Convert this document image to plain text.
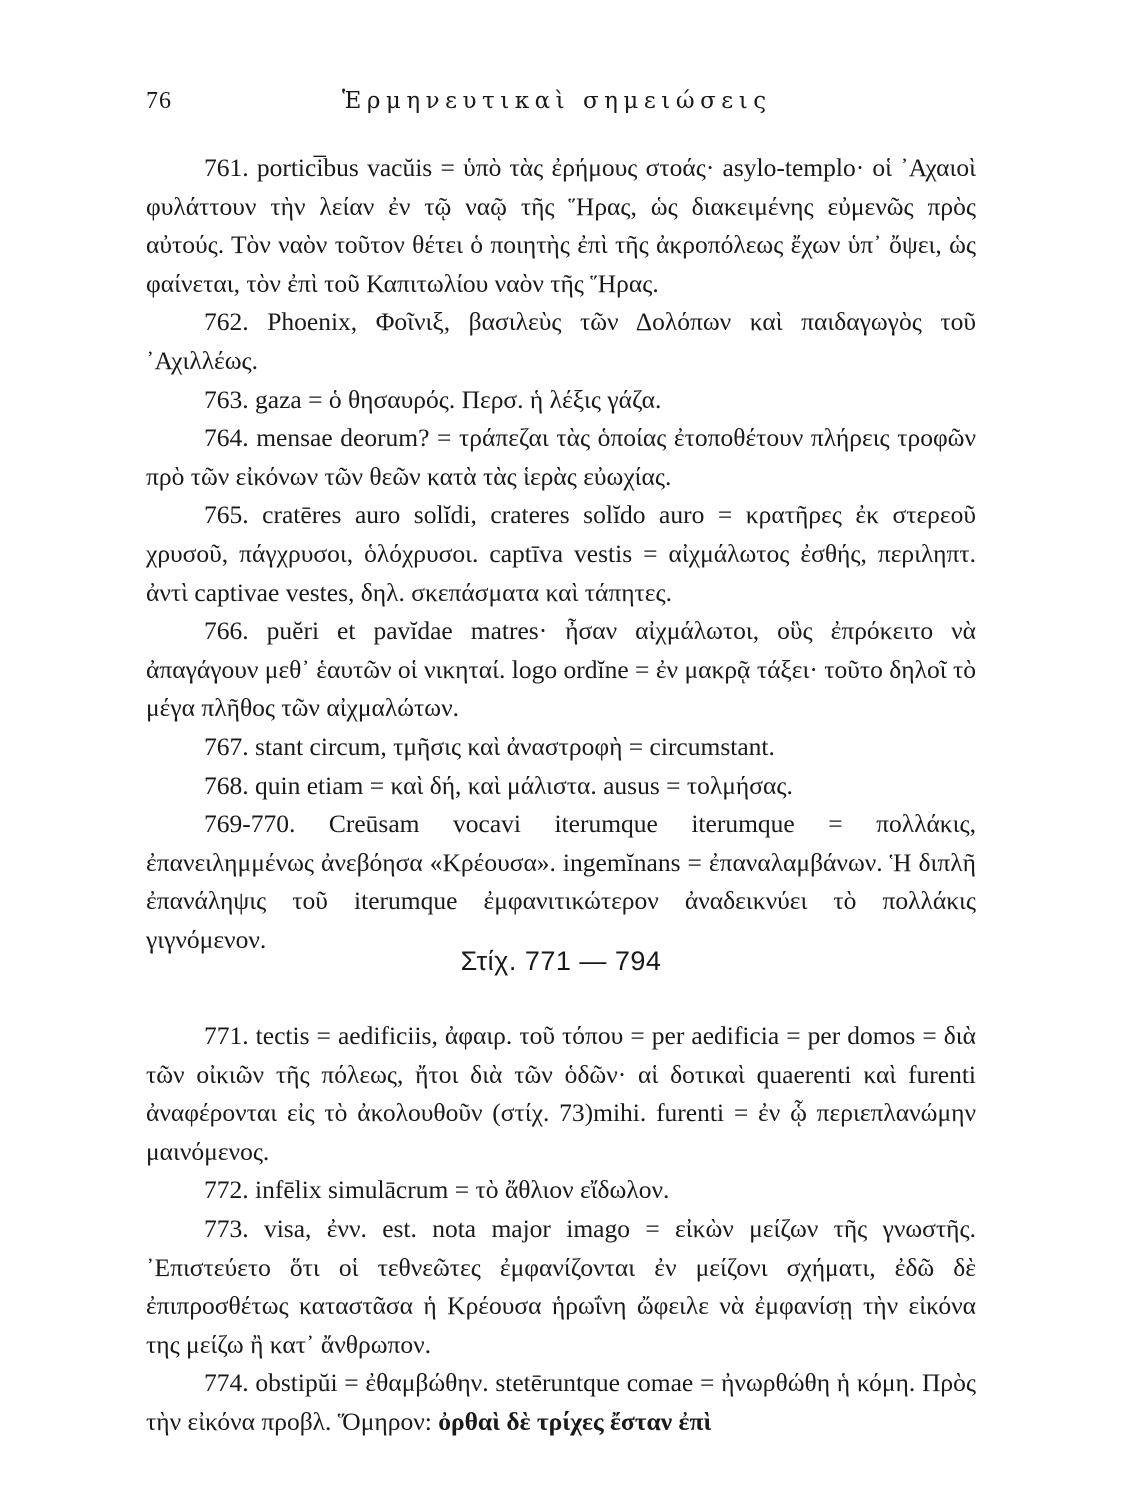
76	Ἑρμηνευτικαὶ σημειώσεις

761. portici̅bus vacŭis = ὑπὸ τὰς ἐρήμους στοάς· asylo-templo· οἱ ᾿Αχαιοὶ φυλάττουν τὴν λείαν ἐν τῷ ναῷ τῆς Ἥρας, ὡς διακειμένης εὐμενῶς πρὸς αὐτούς. Τὸν ναὸν τοῦτον θέτει ὁ ποιητὴς ἐπὶ τῆς ἀκροπόλεως ἔχων ὑπ᾿ ὄψει, ὡς φαίνεται, τὸν ἐπὶ τοῦ Καπιτωλίου ναὸν τῆς Ἥρας.

762. Phoenix, Φοῖνιξ, βασιλεὺς τῶν Δολόπων καὶ παιδαγωγὸς τοῦ ᾿Αχιλλέως.

763. gaza = ὁ θησαυρός. Περσ. ἡ λέξις γάζα.

764. mensae deorum? = τράπεζαι τὰς ὁποίας ἐτοποθέτουν πλήρεις τροφῶν πρὸ τῶν εἰκόνων τῶν θεῶν κατὰ τὰς ἱερὰς εὐωχίας.

765. cratēres auro solĭdi, crateres solĭdo auro = κρατῆρες ἐκ στερεοῦ χρυσοῦ, πάγχρυσοι, ὁλόχρυσοι. captīva vestis = αἰχμάλωτος ἐσθής, περιληπτ. ἀντὶ captivae vestes, δηλ. σκεπάσματα καὶ τάπητες.

766. puĕri et pavĭdae matres· ἦσαν αἰχμάλωτοι, οὓς ἐπρόκειτο νὰ ἀπαγάγουν μεθ᾿ ἑαυτῶν οἱ νικηταί. logo ordĭne = ἐν μακρᾷ τάξει· τοῦτο δηλοῖ τὸ μέγα πλῆθος τῶν αἰχμαλώτων.

767. stant circum, τμῆσις καὶ ἀναστροφὴ = circumstant.

768. quin etiam = καὶ δή, καὶ μάλιστα. ausus = τολμήσας.

769-770. Creūsam vocavi iterumque iterumque = πολλάκις, ἐπανειλημμένως ἀνεβόησα «Κρέουσα». ingemĭnans = ἐπαναλαμβάνων. Ἡ διπλῆ ἐπανάληψις τοῦ iterumque ἐμφανιτικώτερον ἀναδεικνύει τὸ πολλάκις γιγνόμενον.

Στίχ. 771 — 794

771. tectis = aedificiis, ἀφαιρ. τοῦ τόπου = per aedificia = per domos = διὰ τῶν οἰκιῶν τῆς πόλεως, ἤτοι διὰ τῶν ὁδῶν· αἱ δοτικαὶ quaerenti καὶ furenti ἀναφέρονται εἰς τὸ ἀκολουθοῦν (στίχ. 73)mihi. furenti = ἐν ᾧ περιεπλανώμην μαινόμενος.

772. infēlix simulācrum = τὸ ἄθλιον εἴδωλον.

773. visa, ἐνν. est. nota major imago = εἰκὼν μείζων τῆς γνωστῆς. ᾿Επιστεύετο ὅτι οἱ τεθνεῶτες ἐμφανίζονται ἐν μείζονι σχήματι, ἐδῶ δὲ ἐπιπροσθέτως καταστᾶσα ἡ Κρέουσα ἡρωΐνη ὤφειλε νὰ ἐμφανίσῃ τὴν εἰκόνα της μείζω ἢ κατ᾿ ἄνθρωπον.

774. obstipŭi = ἐθαμβώθην. stetēruntque comae = ἠνωρθώθη ἡ κόμη. Πρὸς τὴν εἰκόνα προβλ. Ὅμηρον: ὀρθαὶ δὲ τρίχες ἔσταν ἐπὶ
